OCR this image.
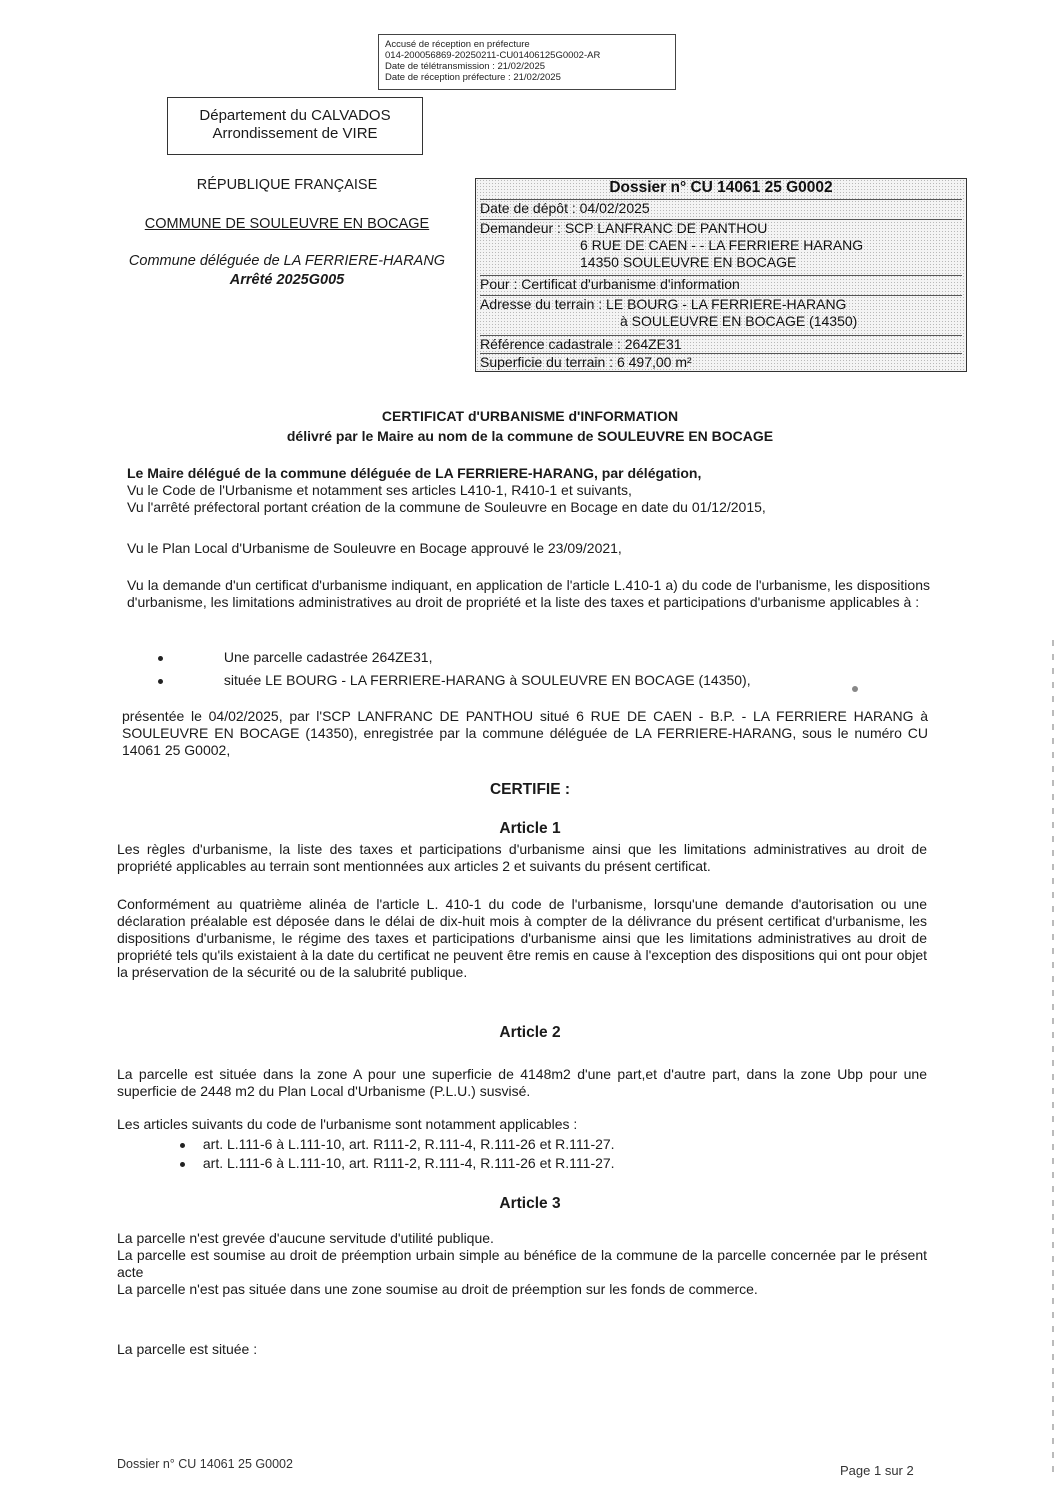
Accusé de réception en préfecture
014-200056869-20250211-CU01406125G0002-AR
Date de télétransmission : 21/02/2025
Date de réception préfecture : 21/02/2025
Département du CALVADOS
Arrondissement de VIRE
RÉPUBLIQUE FRANÇAISE
COMMUNE DE SOULEUVRE EN BOCAGE
Commune déléguée de LA FERRIERE-HARANG
Arrêté 2025G005
Dossier n° CU 14061 25 G0002
Date de dépôt : 04/02/2025
Demandeur : SCP LANFRANC DE PANTHOU
6 RUE DE CAEN - - LA FERRIERE HARANG
14350 SOULEUVRE EN BOCAGE
Pour : Certificat d'urbanisme d'information
Adresse du terrain : LE BOURG - LA FERRIERE-HARANG
à SOULEUVRE EN BOCAGE (14350)
Référence cadastrale : 264ZE31
Superficie du terrain : 6 497,00 m²
CERTIFICAT d'URBANISME d'INFORMATION
délivré par le Maire au nom de la commune de SOULEUVRE EN BOCAGE
Le Maire délégué de la commune déléguée de LA FERRIERE-HARANG, par délégation,
Vu le Code de l'Urbanisme et notamment ses articles L410-1, R410-1 et suivants,
Vu l'arrêté préfectoral portant création de la commune de Souleuvre en Bocage en date du 01/12/2015,
Vu le Plan Local d'Urbanisme de Souleuvre en Bocage approuvé le 23/09/2021,
Vu la demande d'un certificat d'urbanisme indiquant, en application de l'article L.410-1 a) du code de l'urbanisme, les dispositions d'urbanisme, les limitations administratives au droit de propriété et la liste des taxes et participations d'urbanisme applicables à :
Une parcelle cadastrée 264ZE31,
située LE BOURG - LA FERRIERE-HARANG à SOULEUVRE EN BOCAGE (14350),
présentée le 04/02/2025, par l'SCP LANFRANC DE PANTHOU situé 6 RUE DE CAEN - B.P. - LA FERRIERE HARANG à SOULEUVRE EN BOCAGE (14350), enregistrée par la commune déléguée de LA FERRIERE-HARANG, sous le numéro CU 14061 25 G0002,
CERTIFIE :
Article 1
Les règles d'urbanisme, la liste des taxes et participations d'urbanisme ainsi que les limitations administratives au droit de propriété applicables au terrain sont mentionnées aux articles 2 et suivants du présent certificat.
Conformément au quatrième alinéa de l'article L. 410-1 du code de l'urbanisme, lorsqu'une demande d'autorisation ou une déclaration préalable est déposée dans le délai de dix-huit mois à compter de la délivrance du présent certificat d'urbanisme, les dispositions d'urbanisme, le régime des taxes et participations d'urbanisme ainsi que les limitations administratives au droit de propriété tels qu'ils existaient à la date du certificat ne peuvent être remis en cause à l'exception des dispositions qui ont pour objet la préservation de la sécurité ou de la salubrité publique.
Article 2
La parcelle est située dans la zone A pour une superficie de 4148m2 d'une part,et d'autre part, dans la zone Ubp pour une superficie de 2448 m2 du Plan Local d'Urbanisme (P.L.U.) susvisé.
Les articles suivants du code de l'urbanisme sont notamment applicables :
art. L.111-6 à L.111-10, art. R111-2, R.111-4, R.111-26 et R.111-27.
art. L.111-6 à L.111-10, art. R111-2, R.111-4, R.111-26 et R.111-27.
Article 3
La parcelle n'est grevée d'aucune servitude d'utilité publique.
La parcelle est soumise au droit de préemption urbain simple au bénéfice de la commune de la parcelle concernée par le présent acte
La parcelle n'est pas située dans une zone soumise au droit de préemption sur les fonds de commerce.
La parcelle est située :
Dossier n° CU 14061 25 G0002	Page 1 sur 2
